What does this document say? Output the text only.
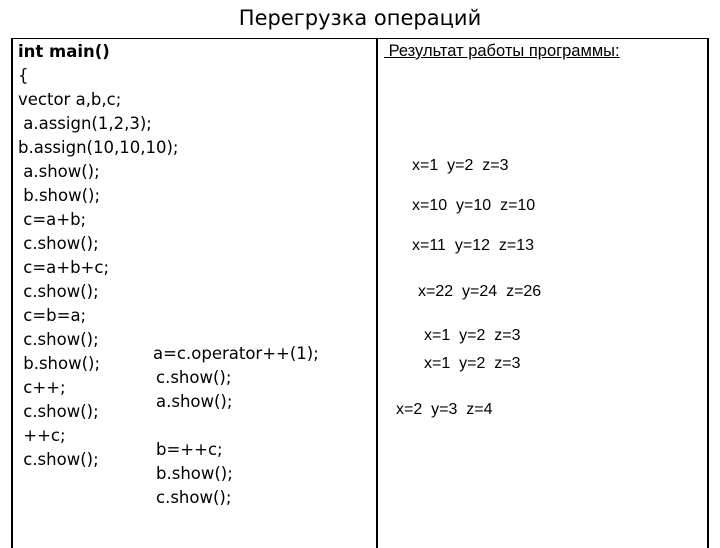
Перегрузка операций
int main()
{
vector a,b,c;
a.assign(1,2,3);
b.assign(10,10,10);
a.show();
b.show();
c=a+b;
c.show();
c=a+b+c;
c.show();
c=b=a;
c.show();
b.show();
c++;
c.show();
++c;
c.show();
a=c.operator++(1);
c.show();
a.show();
b=++c;
b.show();
c.show();
Результат работы программы:
x=1  y=2  z=3
x=10  y=10  z=10
x=11  y=12  z=13
x=22  y=24  z=26
x=1  y=2  z=3
x=1  y=2  z=3
x=2  y=3  z=4
